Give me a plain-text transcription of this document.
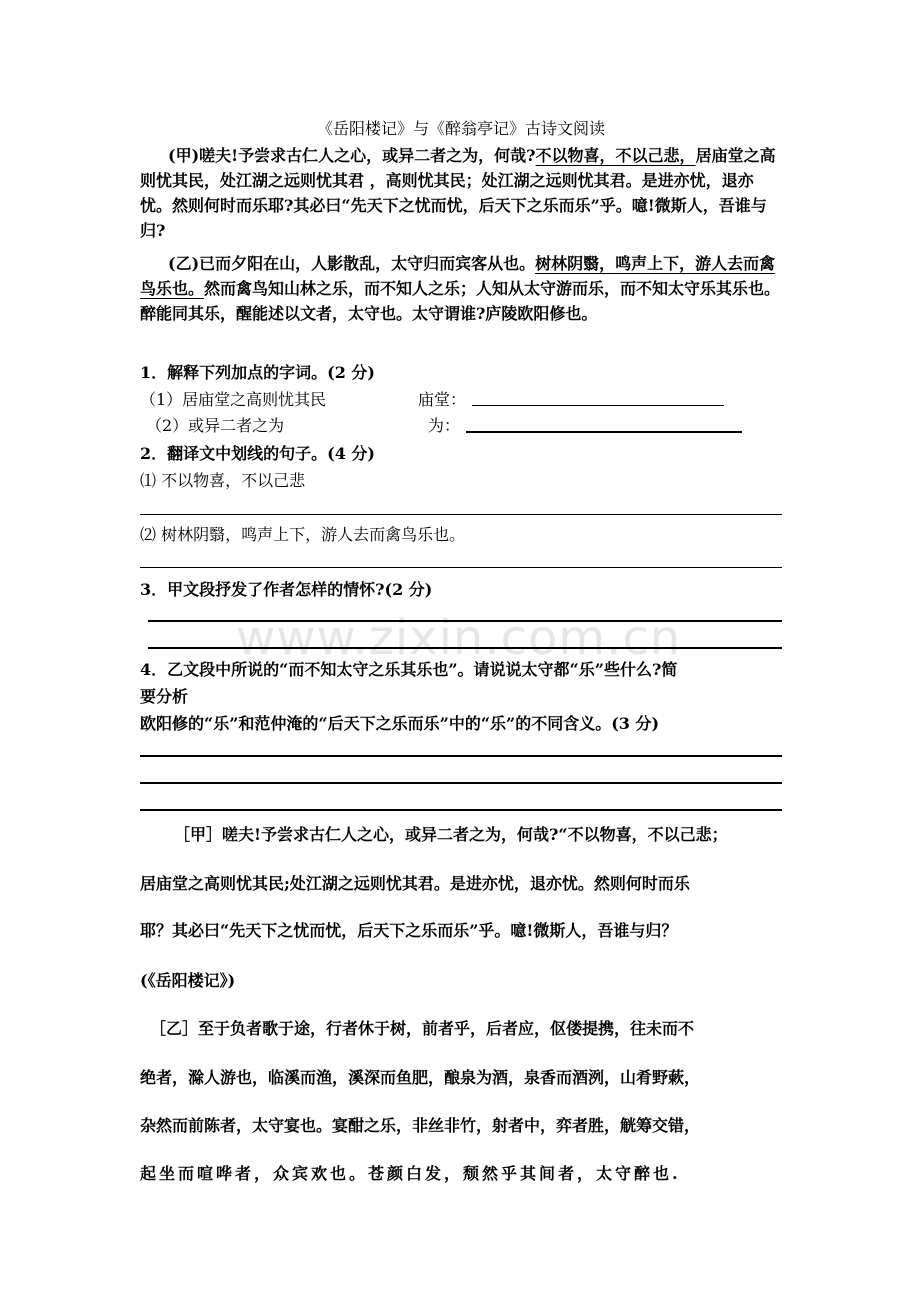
www.zixin.com.cn
《岳阳楼记》与《醉翁亭记》古诗文阅读
(甲)嗟夫!予尝求古仁人之心，或异二者之为，何哉?不以物喜，不以己悲，居庙堂之高则忧其民，处江湖之远则忧其君 ，高则忧其民；处江湖之远则忧其君。是进亦忧，退亦忧。然则何时而乐耶?其必曰“先天下之忧而忧，后天下之乐而乐”乎。噫!微斯人，吾谁与归?
(乙)已而夕阳在山，人影散乱，太守归而宾客从也。树林阴翳，鸣声上下，游人去而禽鸟乐也。然而禽鸟知山林之乐，而不知人之乐；人知从太守游而乐，而不知太守乐其乐也。醉能同其乐，醒能述以文者，太守也。太守谓谁?庐陵欧阳修也。
1．解释下列加点的字词。(2 分)
（1）居庙堂之高则忧其民	庙堂：
（2）或异二者之为	为：
2．翻译文中划线的句子。(4 分)
⑴ 不以物喜，不以己悲
⑵ 树林阴翳，鸣声上下，游人去而禽鸟乐也。
3．甲文段抒发了作者怎样的情怀?(2 分)
4．乙文段中所说的“而不知太守之乐其乐也”。请说说太守都“乐”些什么?简
要分析
欧阳修的“乐”和范仲淹的“后天下之乐而乐”中的“乐”的不同含义。(3 分)
［甲］嗟夫!予尝求古仁人之心，或异二者之为，何哉?“不以物喜，不以己悲；
居庙堂之高则忧其民;处江湖之远则忧其君。是进亦忧，退亦忧。然则何时而乐
耶？其必曰“先天下之忧而忧，后天下之乐而乐”乎。噫!微斯人，吾谁与归？
(《岳阳楼记》)
［乙］至于负者歌于途，行者休于树，前者乎，后者应，伛偻提携，往未而不
绝者，滁人游也，临溪而渔，溪深而鱼肥，酿泉为酒，泉香而酒洌，山肴野蔌，
杂然而前陈者，太守宴也。宴酣之乐，非丝非竹，射者中，弈者胜，觥筹交错，
起坐而喧哗者，众宾欢也。苍颜白发，颓然乎其间者，太守醉也.
